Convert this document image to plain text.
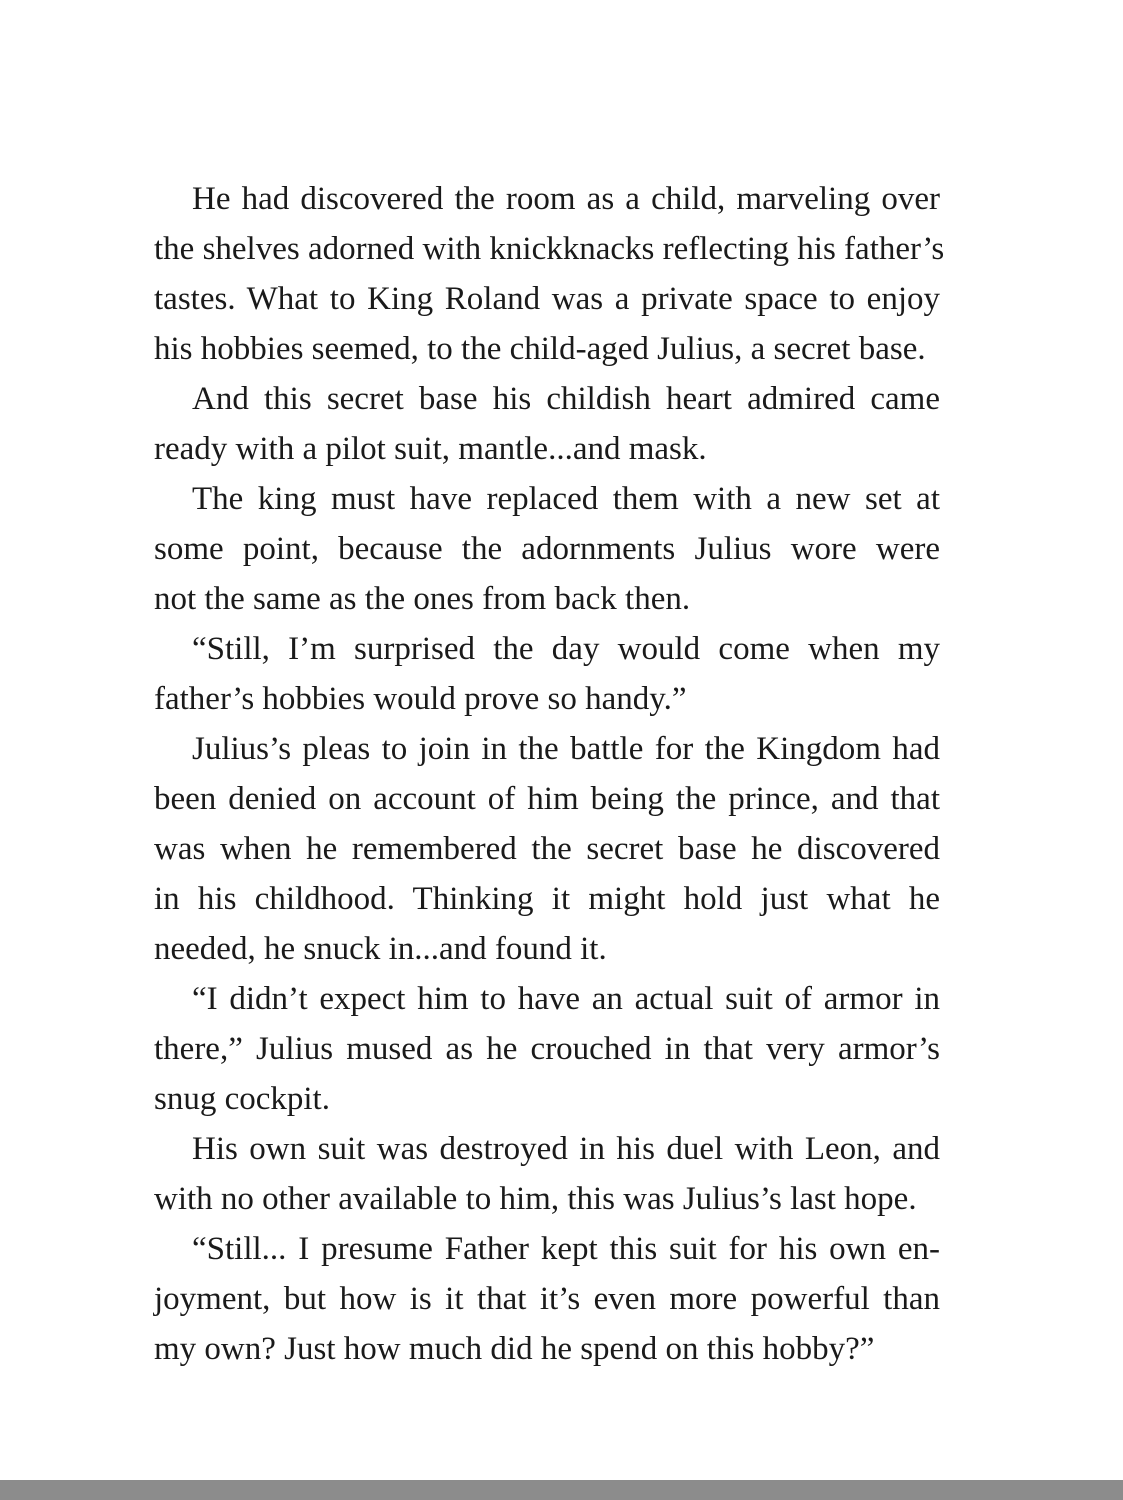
He had discovered the room as a child, marveling over
the shelves adorned with knickknacks reflecting his father’s
tastes. What to King Roland was a private space to enjoy
his hobbies seemed, to the child-aged Julius, a secret base.
And this secret base his childish heart admired came
ready with a pilot suit, mantle...and mask.
The king must have replaced them with a new set at
some point, because the adornments Julius wore were
not the same as the ones from back then.
“Still, I’m surprised the day would come when my
father’s hobbies would prove so handy.”
Julius’s pleas to join in the battle for the Kingdom had
been denied on account of him being the prince, and that
was when he remembered the secret base he discovered
in his childhood. Thinking it might hold just what he
needed, he snuck in...and found it.
“I didn’t expect him to have an actual suit of armor in
there,” Julius mused as he crouched in that very armor’s
snug cockpit.
His own suit was destroyed in his duel with Leon, and
with no other available to him, this was Julius’s last hope.
“Still... I presume Father kept this suit for his own en-
joyment, but how is it that it’s even more powerful than
my own? Just how much did he spend on this hobby?”
